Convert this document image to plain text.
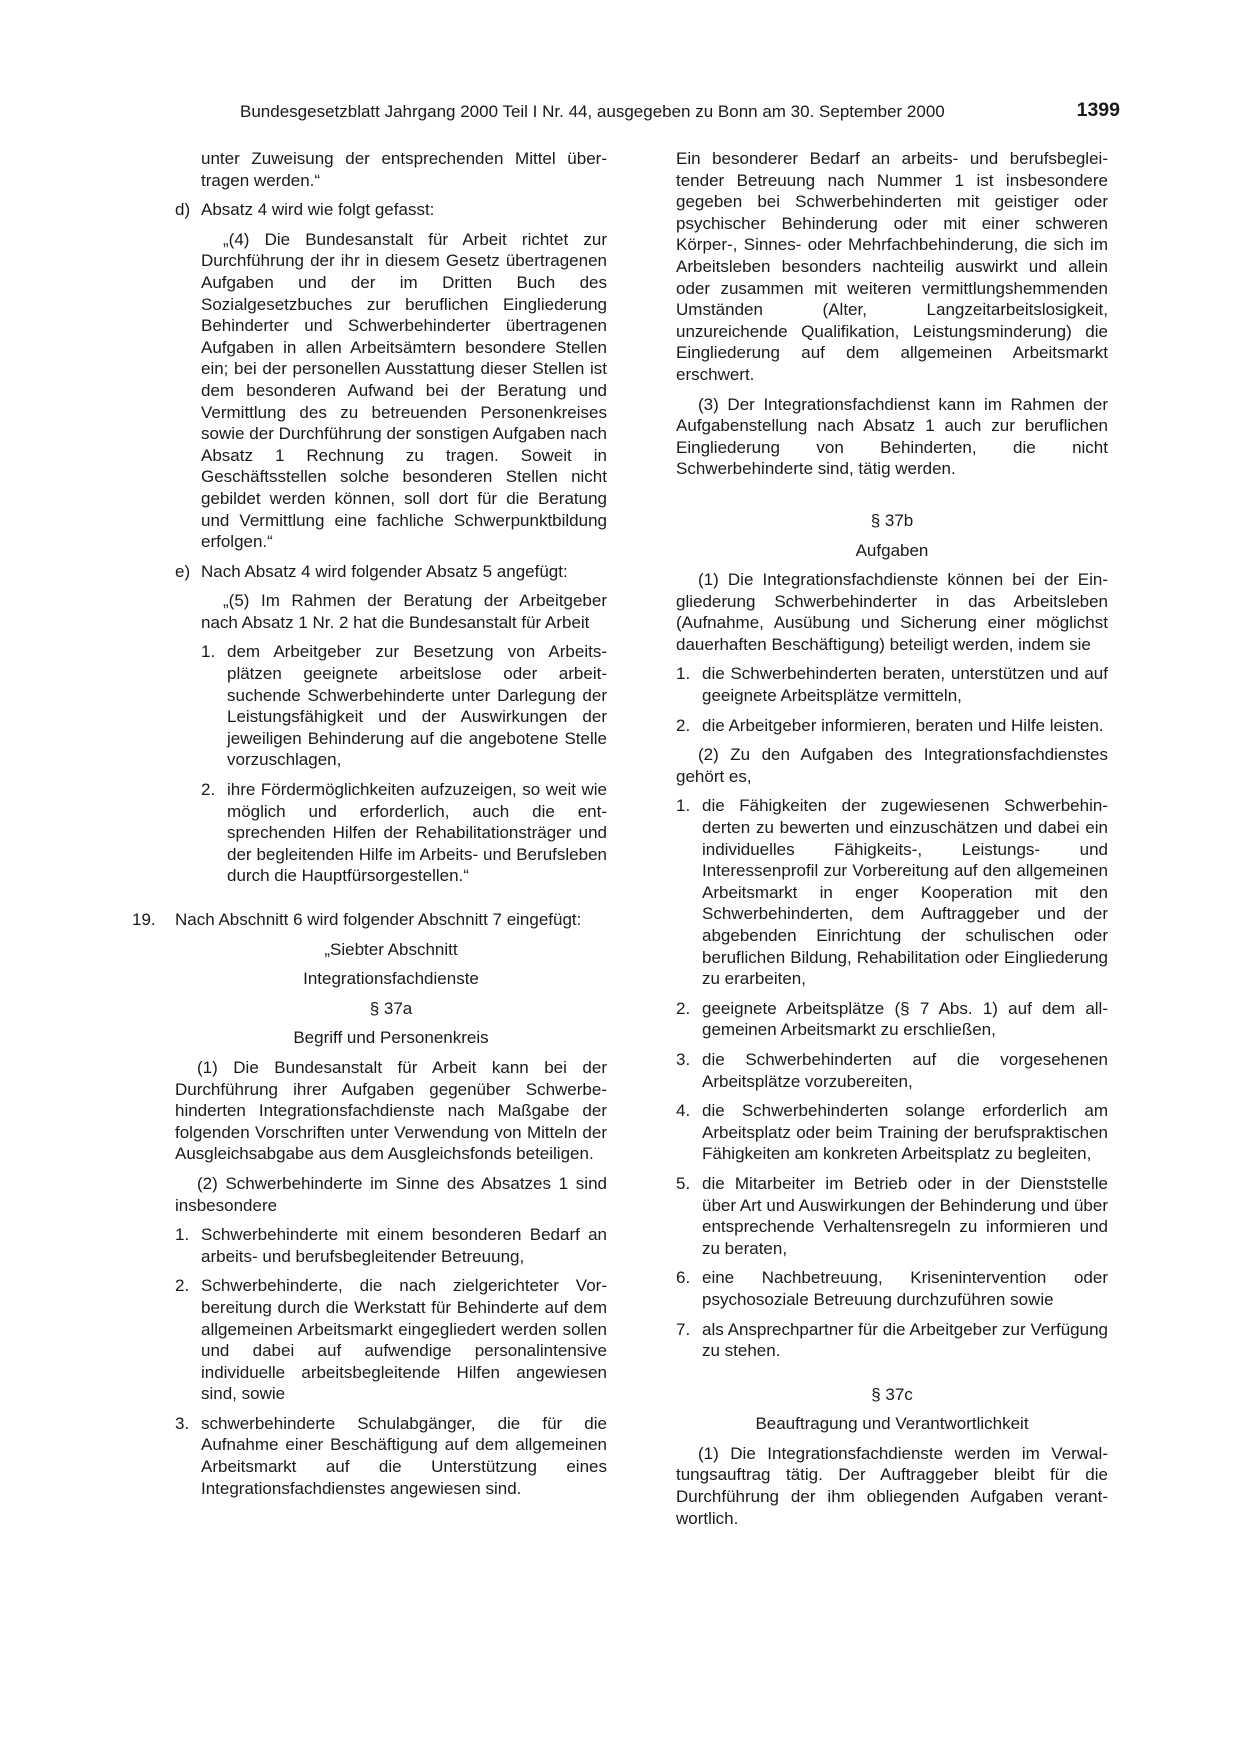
Bundesgesetzblatt Jahrgang 2000 Teil I Nr. 44, ausgegeben zu Bonn am 30. September 2000	1399

unter Zuweisung der entsprechenden Mittel übertragen werden.“

d) Absatz 4 wird wie folgt gefasst:

„(4) Die Bundesanstalt für Arbeit richtet zur Durchführung der ihr in diesem Gesetz übertragenen Aufgaben und der im Dritten Buch des Sozialgesetzbuches zur beruflichen Eingliederung Behinderter und Schwerbehinderter übertragenen Aufgaben in allen Arbeitsämtern besondere Stellen ein; bei der personellen Ausstattung dieser Stellen ist dem besonderen Aufwand bei der Beratung und Vermittlung des zu betreuenden Personenkreises sowie der Durchführung der sonstigen Aufgaben nach Absatz 1 Rechnung zu tragen. Soweit in Geschäftsstellen solche besonderen Stellen nicht gebildet werden können, soll dort für die Beratung und Vermittlung eine fachliche Schwerpunktbildung erfolgen.“

e) Nach Absatz 4 wird folgender Absatz 5 angefügt:

„(5) Im Rahmen der Beratung der Arbeitgeber nach Absatz 1 Nr. 2 hat die Bundesanstalt für Arbeit

1. dem Arbeitgeber zur Besetzung von Arbeitsplätzen geeignete arbeitslose oder arbeitsuchende Schwerbehinderte unter Darlegung der Leistungsfähigkeit und der Auswirkungen der jeweiligen Behinderung auf die angebotene Stelle vorzuschlagen,
2. ihre Fördermöglichkeiten aufzuzeigen, so weit wie möglich und erforderlich, auch die entsprechenden Hilfen der Rehabilitationsträger und der begleitenden Hilfe im Arbeits- und Berufsleben durch die Hauptfürsorgestellen.“
19. Nach Abschnitt 6 wird folgender Abschnitt 7 eingefügt:

„Siebter Abschnitt

Integrationsfachdienste

§ 37a

Begriff und Personenkreis

(1) Die Bundesanstalt für Arbeit kann bei der Durchführung ihrer Aufgaben gegenüber Schwerbehinderten Integrationsfachdienste nach Maßgabe der folgenden Vorschriften unter Verwendung von Mitteln der Ausgleichsabgabe aus dem Ausgleichsfonds beteiligen.

(2) Schwerbehinderte im Sinne des Absatzes 1 sind insbesondere

1. Schwerbehinderte mit einem besonderen Bedarf an arbeits- und berufsbegleitender Betreuung,
2. Schwerbehinderte, die nach zielgerichteter Vorbereitung durch die Werkstatt für Behinderte auf dem allgemeinen Arbeitsmarkt eingegliedert werden sollen und dabei auf aufwendige personalintensive individuelle arbeitsbegleitende Hilfen angewiesen sind, sowie
3. schwerbehinderte Schulabgänger, die für die Aufnahme einer Beschäftigung auf dem allgemeinen Arbeitsmarkt auf die Unterstützung eines Integrationsfachdienstes angewiesen sind.

Ein besonderer Bedarf an arbeits- und berufsbegleitender Betreuung nach Nummer 1 ist insbesondere gegeben bei Schwerbehinderten mit geistiger oder psychischer Behinderung oder mit einer schweren Körper-, Sinnes- oder Mehrfachbehinderung, die sich im Arbeitsleben besonders nachteilig auswirkt und allein oder zusammen mit weiteren vermittlungshemmenden Umständen (Alter, Langzeitarbeitslosigkeit, unzureichende Qualifikation, Leistungsminderung) die Eingliederung auf dem allgemeinen Arbeitsmarkt erschwert.

(3) Der Integrationsfachdienst kann im Rahmen der Aufgabenstellung nach Absatz 1 auch zur beruflichen Eingliederung von Behinderten, die nicht Schwerbehinderte sind, tätig werden.

§ 37b

Aufgaben

(1) Die Integrationsfachdienste können bei der Eingliederung Schwerbehinderter in das Arbeitsleben (Aufnahme, Ausübung und Sicherung einer möglichst dauerhaften Beschäftigung) beteiligt werden, indem sie

1. die Schwerbehinderten beraten, unterstützen und auf geeignete Arbeitsplätze vermitteln,
2. die Arbeitgeber informieren, beraten und Hilfe leisten.

(2) Zu den Aufgaben des Integrationsfachdienstes gehört es,

1. die Fähigkeiten der zugewiesenen Schwerbehinderten zu bewerten und einzuschätzen und dabei ein individuelles Fähigkeits-, Leistungs- und Interessenprofil zur Vorbereitung auf den allgemeinen Arbeitsmarkt in enger Kooperation mit den Schwerbehinderten, dem Auftraggeber und der abgebenden Einrichtung der schulischen oder beruflichen Bildung, Rehabilitation oder Eingliederung zu erarbeiten,
2. geeignete Arbeitsplätze (§ 7 Abs. 1) auf dem allgemeinen Arbeitsmarkt zu erschließen,
3. die Schwerbehinderten auf die vorgesehenen Arbeitsplätze vorzubereiten,
4. die Schwerbehinderten solange erforderlich am Arbeitsplatz oder beim Training der berufspraktischen Fähigkeiten am konkreten Arbeitsplatz zu begleiten,
5. die Mitarbeiter im Betrieb oder in der Dienststelle über Art und Auswirkungen der Behinderung und über entsprechende Verhaltensregeln zu informieren und zu beraten,
6. eine Nachbetreuung, Krisenintervention oder psychosoziale Betreuung durchzuführen sowie
7. als Ansprechpartner für die Arbeitgeber zur Verfügung zu stehen.

§ 37c

Beauftragung und Verantwortlichkeit

(1) Die Integrationsfachdienste werden im Verwaltungsauftrag tätig. Der Auftraggeber bleibt für die Durchführung der ihm obliegenden Aufgaben verantwortlich.
